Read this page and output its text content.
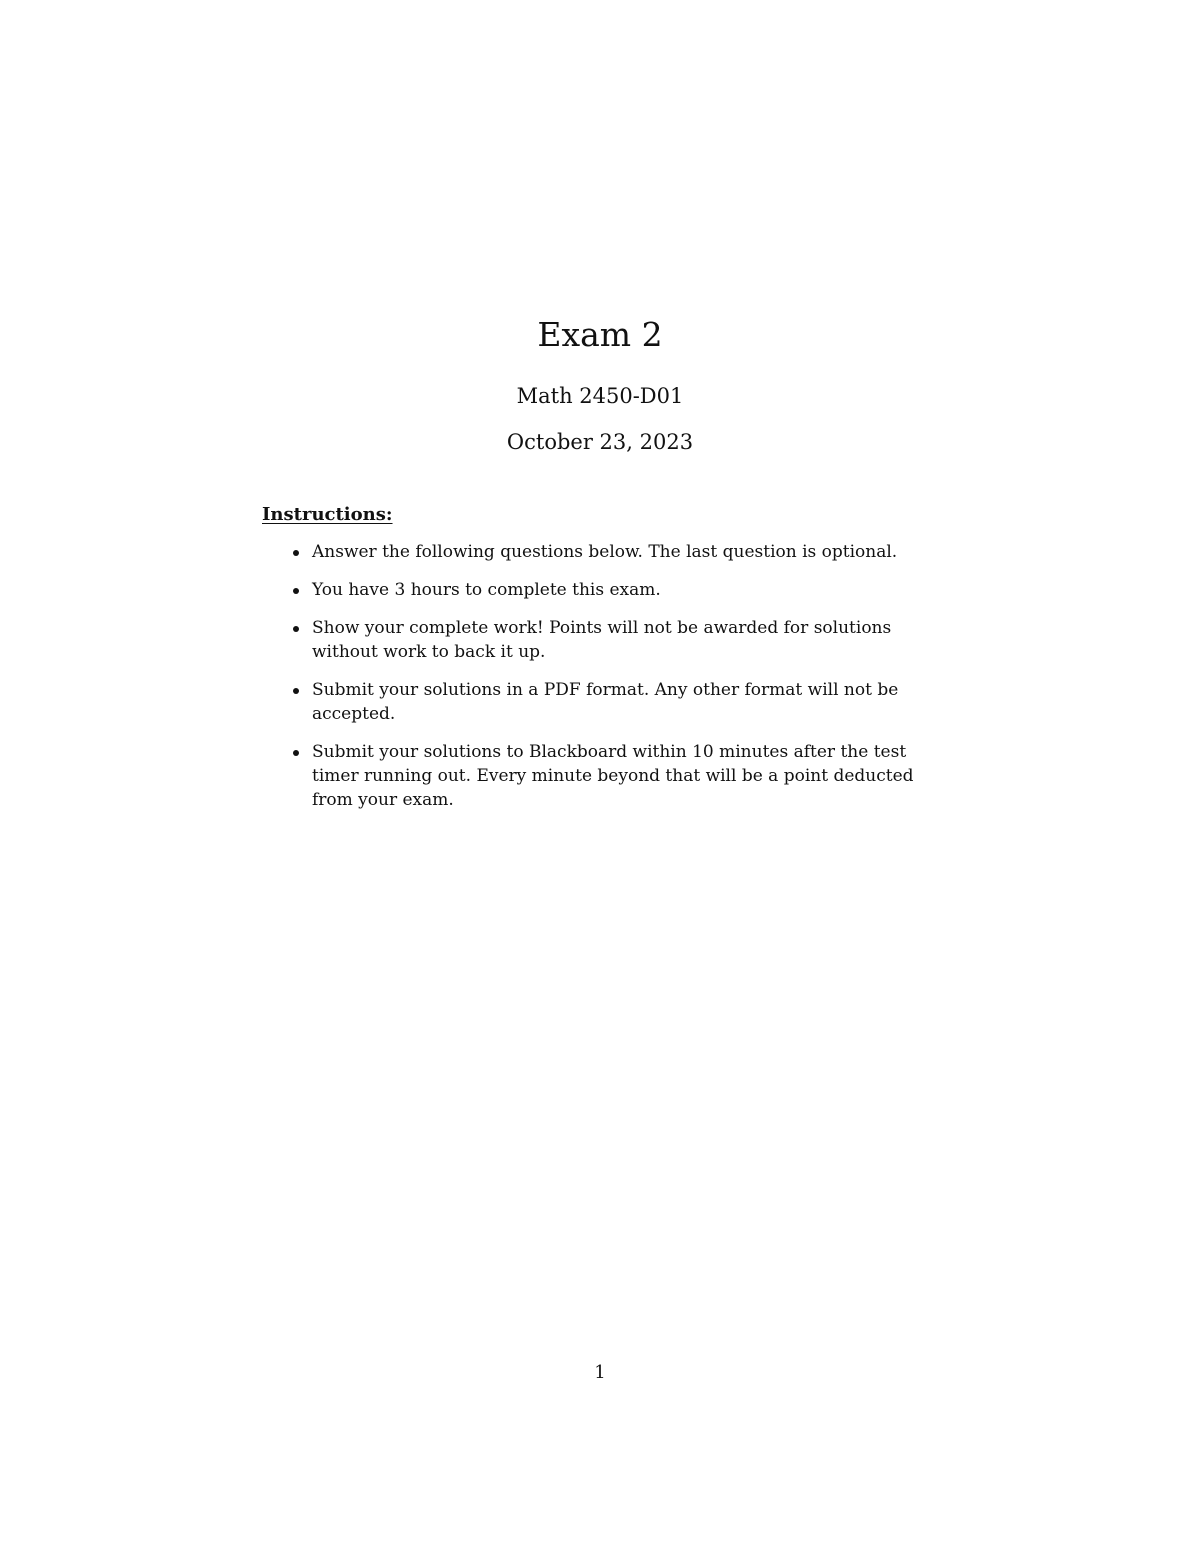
Exam 2
Math 2450-D01
October 23, 2023
Instructions:
Answer the following questions below. The last question is optional.
You have 3 hours to complete this exam.
Show your complete work! Points will not be awarded for solutions without work to back it up.
Submit your solutions in a PDF format. Any other format will not be accepted.
Submit your solutions to Blackboard within 10 minutes after the test timer running out. Every minute beyond that will be a point deducted from your exam.
1
